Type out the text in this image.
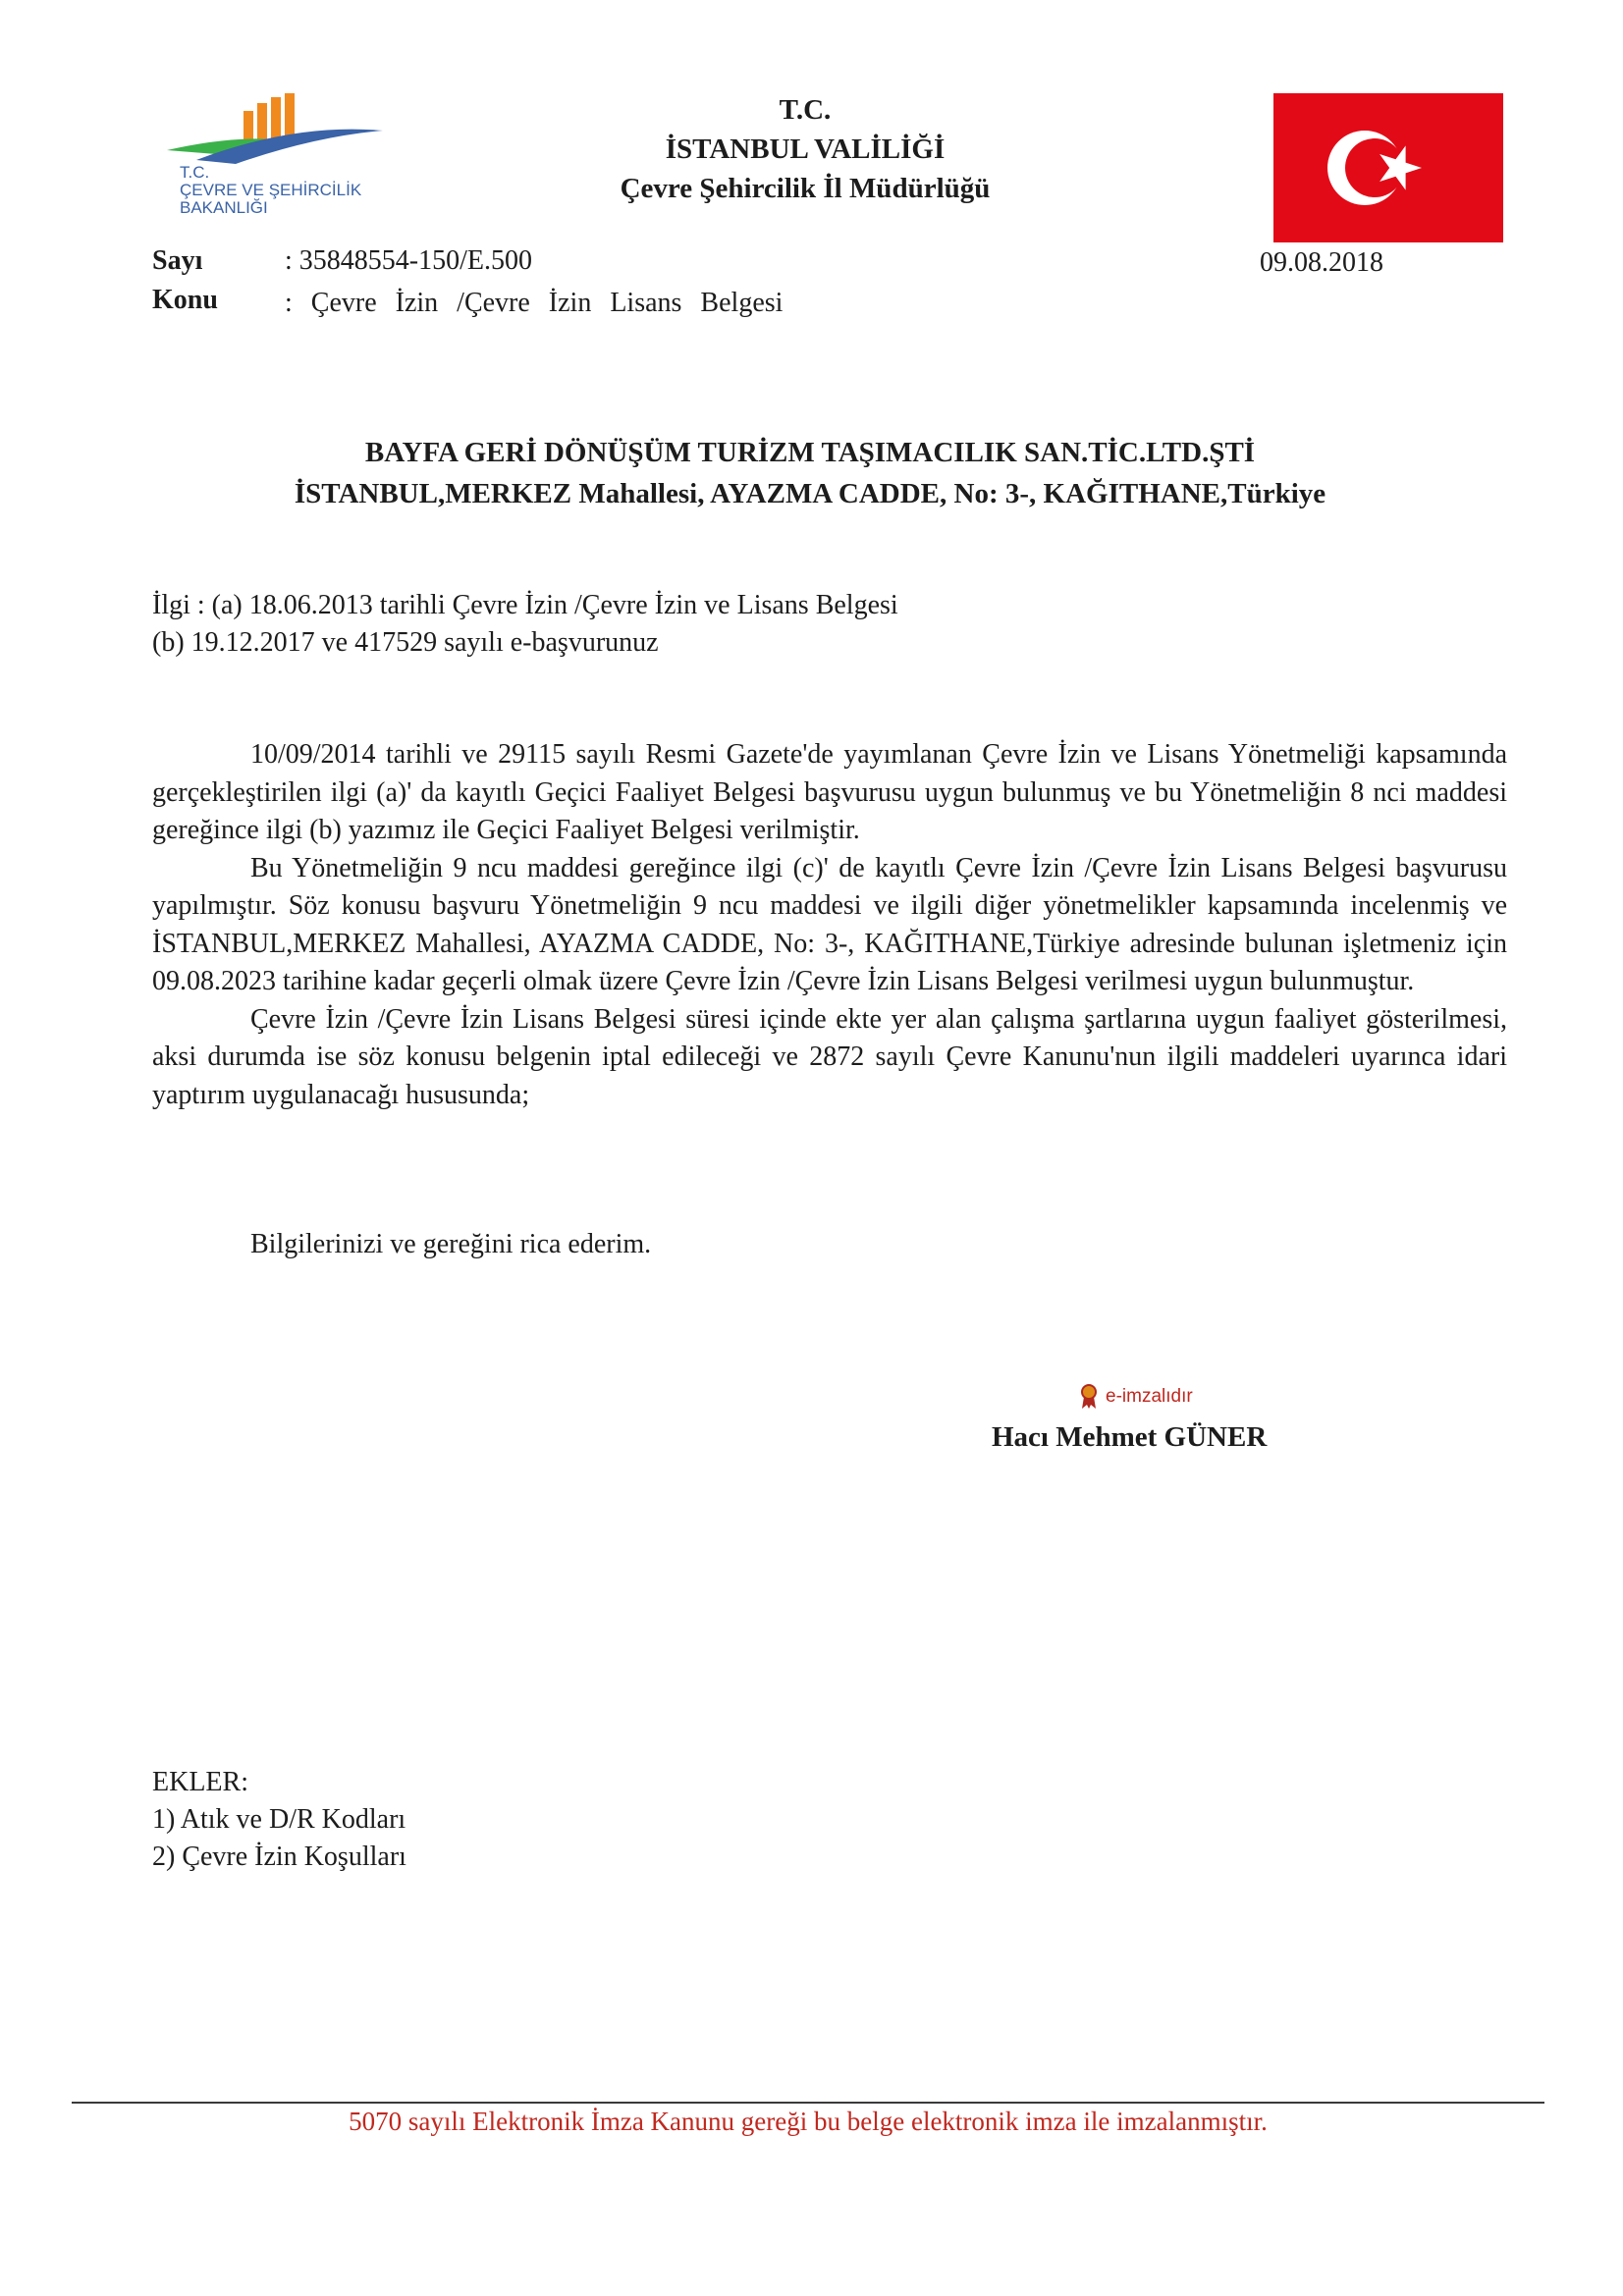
T.C.
ÇEVRE VE ŞEHİRCİLİK
BAKANLIĞI
T.C.
İSTANBUL VALİLİĞİ
Çevre Şehircilik İl Müdürlüğü
Sayı	: 35848554-150/E.500
Konu : Çevre İzin /Çevre İzin Lisans Belgesi
09.08.2018
BAYFA GERİ DÖNÜŞÜM TURİZM TAŞIMACILIK SAN.TİC.LTD.ŞTİ
İSTANBUL,MERKEZ Mahallesi, AYAZMA CADDE, No: 3-, KAĞITHANE,Türkiye
İlgi : (a) 18.06.2013 tarihli Çevre İzin /Çevre İzin ve Lisans Belgesi
(b) 19.12.2017 ve 417529 sayılı e-başvurunuz

10/09/2014 tarihli ve 29115 sayılı Resmi Gazete'de yayımlanan Çevre İzin ve Lisans Yönetmeliği kapsamında gerçekleştirilen ilgi (a)' da kayıtlı Geçici Faaliyet Belgesi başvurusu uygun bulunmuş ve bu Yönetmeliğin 8 nci maddesi gereğince ilgi (b) yazımız ile Geçici Faaliyet Belgesi verilmiştir.

Bu Yönetmeliğin 9 ncu maddesi gereğince ilgi (c)' de kayıtlı Çevre İzin /Çevre İzin Lisans Belgesi başvurusu yapılmıştır. Söz konusu başvuru Yönetmeliğin 9 ncu maddesi ve ilgili diğer yönetmelikler kapsamında incelenmiş ve İSTANBUL,MERKEZ Mahallesi, AYAZMA CADDE, No: 3-, KAĞITHANE,Türkiye adresinde bulunan işletmeniz için 09.08.2023 tarihine kadar geçerli olmak üzere Çevre İzin /Çevre İzin Lisans Belgesi verilmesi uygun bulunmuştur.

Çevre İzin /Çevre İzin Lisans Belgesi süresi içinde ekte yer alan çalışma şartlarına uygun faaliyet gösterilmesi, aksi durumda ise söz konusu belgenin iptal edileceği ve 2872 sayılı Çevre Kanunu'nun ilgili maddeleri uyarınca idari yaptırım uygulanacağı hususunda;

Bilgilerinizi ve gereğini rica ederim.
e-imzalıdır
Hacı Mehmet GÜNER
EKLER:
1) Atık ve D/R Kodları
2) Çevre İzin Koşulları
5070 sayılı Elektronik İmza Kanunu gereği bu belge elektronik imza ile imzalanmıştır.
